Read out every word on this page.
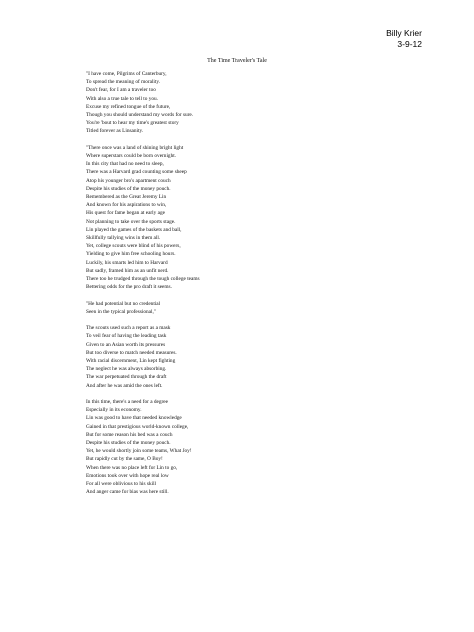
Billy Krier
3-9-12
The Time Traveler's Tale
"I have come, Pilgrims of Canterbury,
To spread the meaning of morality.
Don't fear, for I am a traveler too
With also a true tale to tell to you.
Excuse my refined tongue of the future,
Though you should understand my words for sure.
You're 'bout to hear my time's greatest story
Titled forever as Linsanity.
"There once was a land of shining bright light
Where superstars could be born overnight.
In this city that had no need to sleep,
There was a Harvard grad counting some sheep
Atop his younger bro's apartment couch
Despite his studies of the money pouch.
Remembered as the Great Jeremy Lin
And known for his aspirations to win,
His quest for fame began at early age
Not planning to take over the sports stage.
Lin played the games of the baskets and ball,
Skillfully tallying wins in them all.
Yet, college scouts were blind of his powers,
Yielding to give him free schooling hours.
Luckily, his smarts led him to Harvard
But sadly, framed him as an unfit nerd.
There too he trudged through the tough college teams
Bettering odds for the pro draft it seems.
"He had potential but no credential
Seen in the typical professional,"
The scouts used such a report as a mask
To veil fear of having the leading task
Given to an Asian worth its pressures
But too diverse to match needed measures.
With racial discernment, Lin kept fighting
The neglect he was always absorbing.
The war perpetuated through the draft
And after he was amid the ones left.
In this time, there's a need for a degree
Especially in its economy.
Lin was good to have that needed knowledge
Gained in that prestigious world-known college,
But for some reason his bed was a couch
Despite his studies of the money pouch.
Yet, he would shortly join some teams, What Joy!
But rapidly cut by the same, O Boy!
When there was no place left for Lin to go,
Emotions took over with hope real low
For all were oblivious to his skill
And anger came for bias was here still.
